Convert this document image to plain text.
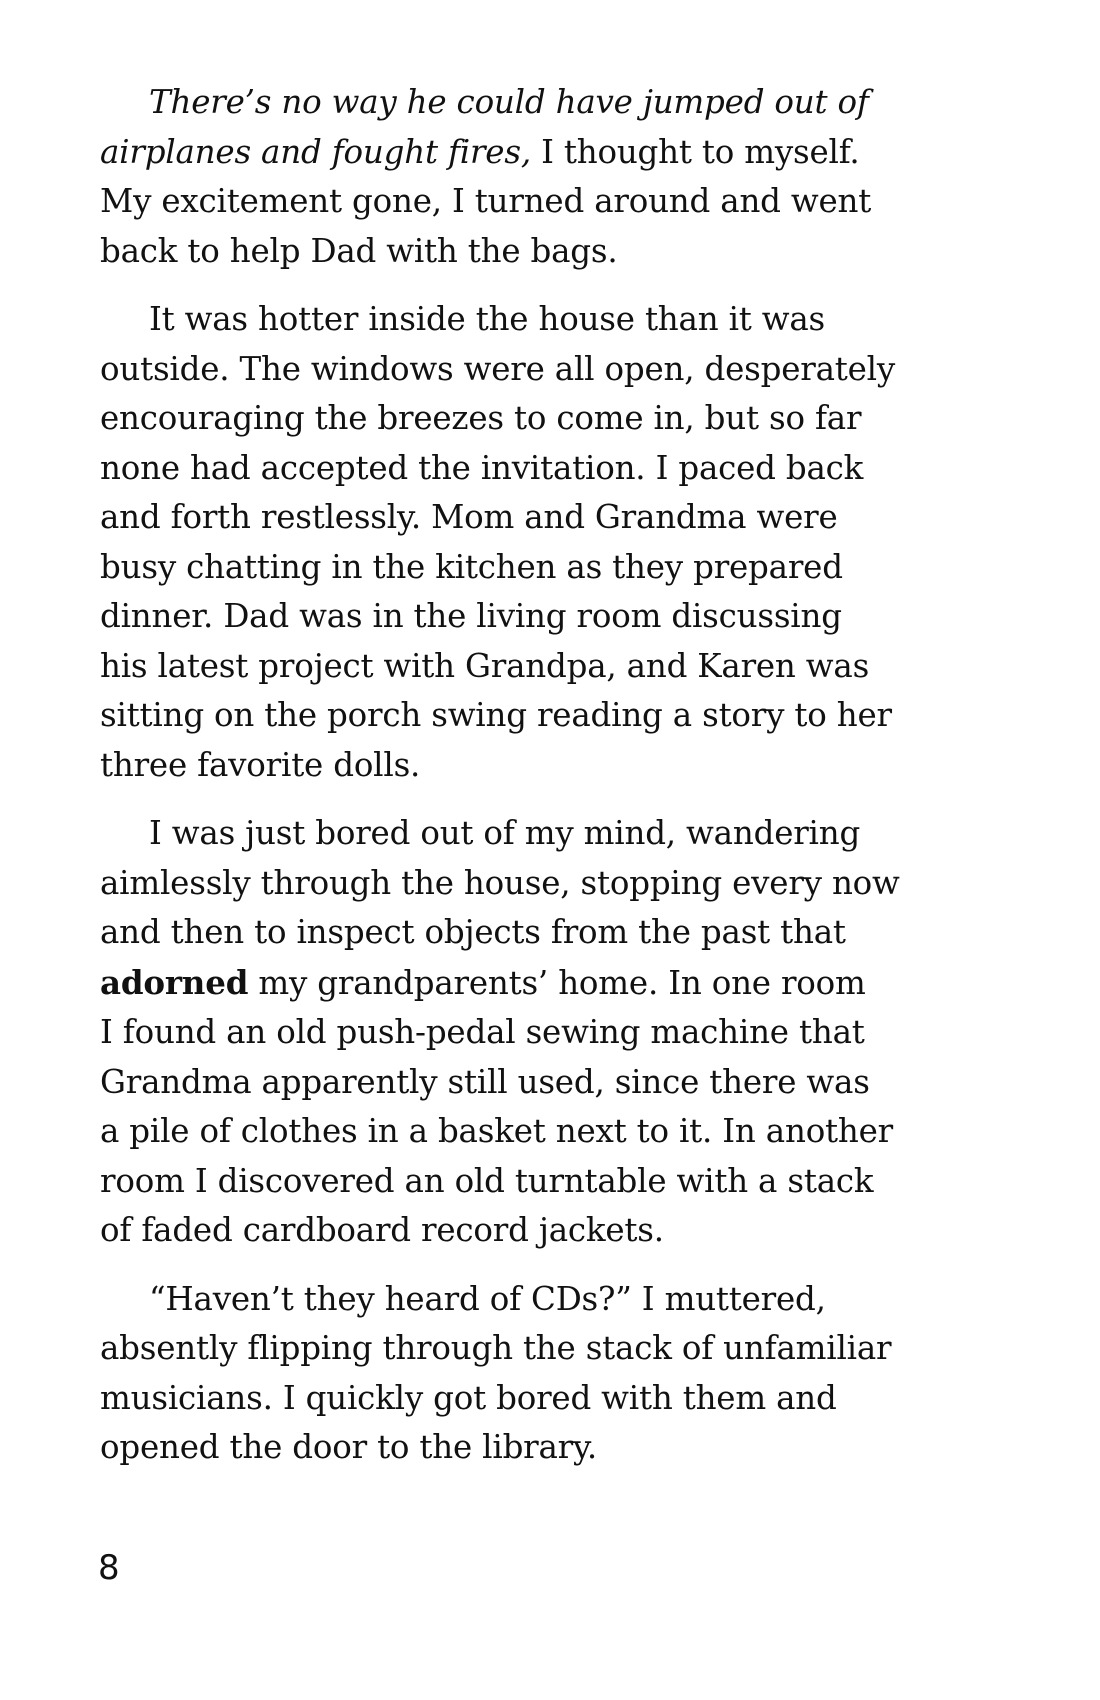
There’s no way he could have jumped out of
airplanes and fought fires, I thought to myself.
My excitement gone, I turned around and went
back to help Dad with the bags.

It was hotter inside the house than it was
outside. The windows were all open, desperately
encouraging the breezes to come in, but so far
none had accepted the invitation. I paced back
and forth restlessly. Mom and Grandma were
busy chatting in the kitchen as they prepared
dinner. Dad was in the living room discussing
his latest project with Grandpa, and Karen was
sitting on the porch swing reading a story to her
three favorite dolls.

I was just bored out of my mind, wandering
aimlessly through the house, stopping every now
and then to inspect objects from the past that
adorned my grandparents’ home. In one room
I found an old push-pedal sewing machine that
Grandma apparently still used, since there was
a pile of clothes in a basket next to it. In another
room I discovered an old turntable with a stack
of faded cardboard record jackets.

“Haven’t they heard of CDs?” I muttered,
absently flipping through the stack of unfamiliar
musicians. I quickly got bored with them and
opened the door to the library.

8
